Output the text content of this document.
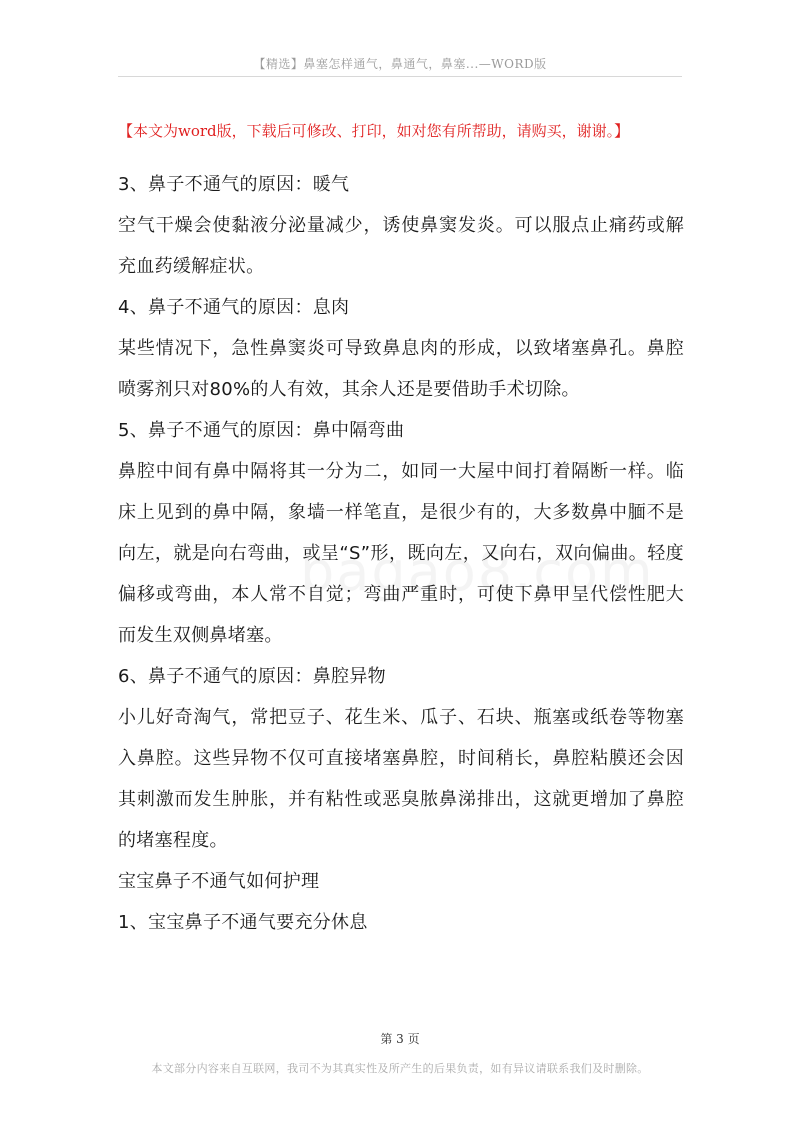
【精选】鼻塞怎样通气，鼻通气，鼻塞...—WORD版
【本文为word版，下载后可修改、打印，如对您有所帮助，请购买，谢谢。】

3、鼻子不通气的原因：暖气

空气干燥会使黏液分泌量减少，诱使鼻窦发炎。可以服点止痛药或解充血药缓解症状。

4、鼻子不通气的原因：息肉

某些情况下，急性鼻窦炎可导致鼻息肉的形成，以致堵塞鼻孔。鼻腔喷雾剂只对80%的人有效，其余人还是要借助手术切除。

5、鼻子不通气的原因：鼻中隔弯曲

鼻腔中间有鼻中隔将其一分为二，如同一大屋中间打着隔断一样。临床上见到的鼻中隔，象墙一样笔直，是很少有的，大多数鼻中腼不是向左，就是向右弯曲，或呈“S”形，既向左，又向右，双向偏曲。轻度偏移或弯曲，本人常不自觉；弯曲严重时，可使下鼻甲呈代偿性肥大而发生双侧鼻堵塞。

6、鼻子不通气的原因：鼻腔异物

小儿好奇淘气，常把豆子、花生米、瓜子、石块、瓶塞或纸卷等物塞入鼻腔。这些异物不仅可直接堵塞鼻腔，时间稍长，鼻腔粘膜还会因其刺激而发生肿胀，并有粘性或恶臭脓鼻涕排出，这就更增加了鼻腔的堵塞程度。

宝宝鼻子不通气如何护理

1、宝宝鼻子不通气要充分休息

第 3 页
本文部分内容来自互联网，我司不为其真实性及所产生的后果负责，如有异议请联系我们及时删除。
